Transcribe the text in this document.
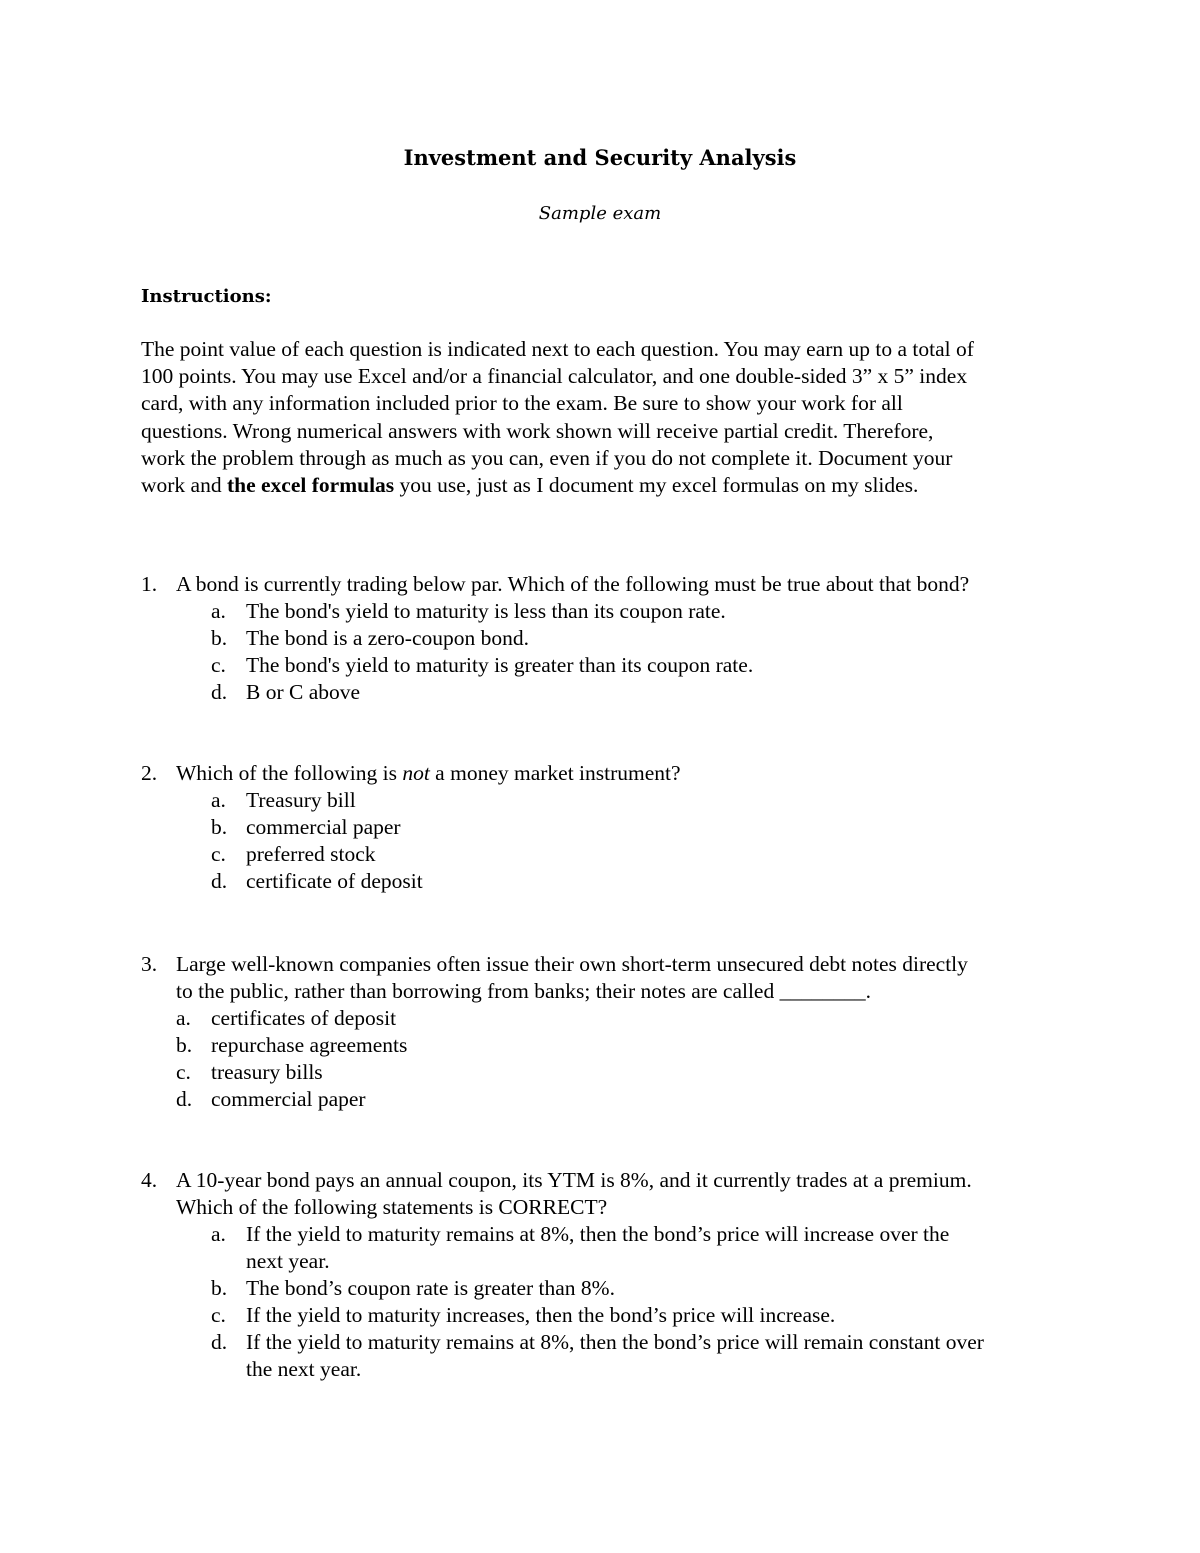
Investment and Security Analysis
Sample exam
Instructions:
The point value of each question is indicated next to each question. You may earn up to a total of
100 points. You may use Excel and/or a financial calculator, and one double-sided 3” x 5” index
card, with any information included prior to the exam. Be sure to show your work for all
questions. Wrong numerical answers with work shown will receive partial credit. Therefore,
work the problem through as much as you can, even if you do not complete it. Document your
work and the excel formulas you use, just as I document my excel formulas on my slides.
1. A bond is currently trading below par. Which of the following must be true about that bond?
a. The bond's yield to maturity is less than its coupon rate.
b. The bond is a zero-coupon bond.
c. The bond's yield to maturity is greater than its coupon rate.
d. B or C above
2. Which of the following is not a money market instrument?
a. Treasury bill
b. commercial paper
c. preferred stock
d. certificate of deposit
3. Large well-known companies often issue their own short-term unsecured debt notes directly
to the public, rather than borrowing from banks; their notes are called ________.
a. certificates of deposit
b. repurchase agreements
c. treasury bills
d. commercial paper
4. A 10-year bond pays an annual coupon, its YTM is 8%, and it currently trades at a premium.
Which of the following statements is CORRECT?
a. If the yield to maturity remains at 8%, then the bond’s price will increase over the
next year.
b. The bond’s coupon rate is greater than 8%.
c. If the yield to maturity increases, then the bond’s price will increase.
d. If the yield to maturity remains at 8%, then the bond’s price will remain constant over
the next year.
